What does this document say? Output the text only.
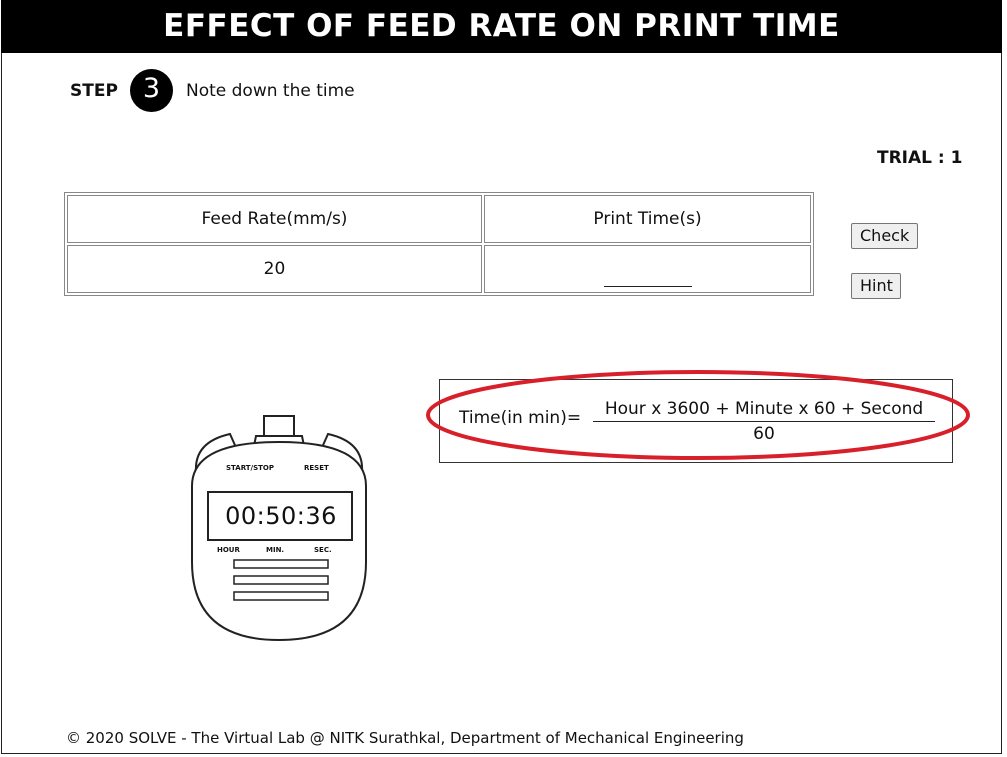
EFFECT OF FEED RATE ON PRINT TIME
STEP 3	Note down the time
TRIAL : 1
Feed Rate(mm/s)	Print Time(s)
20	
Check
Hint
Time(in min)=	Hour x 3600 + Minute x 60 + Second
60
START/STOP	RESET
00:50:36
HOUR	MIN.	SEC.
© 2020 SOLVE - The Virtual Lab @ NITK Surathkal, Department of Mechanical Engineering
